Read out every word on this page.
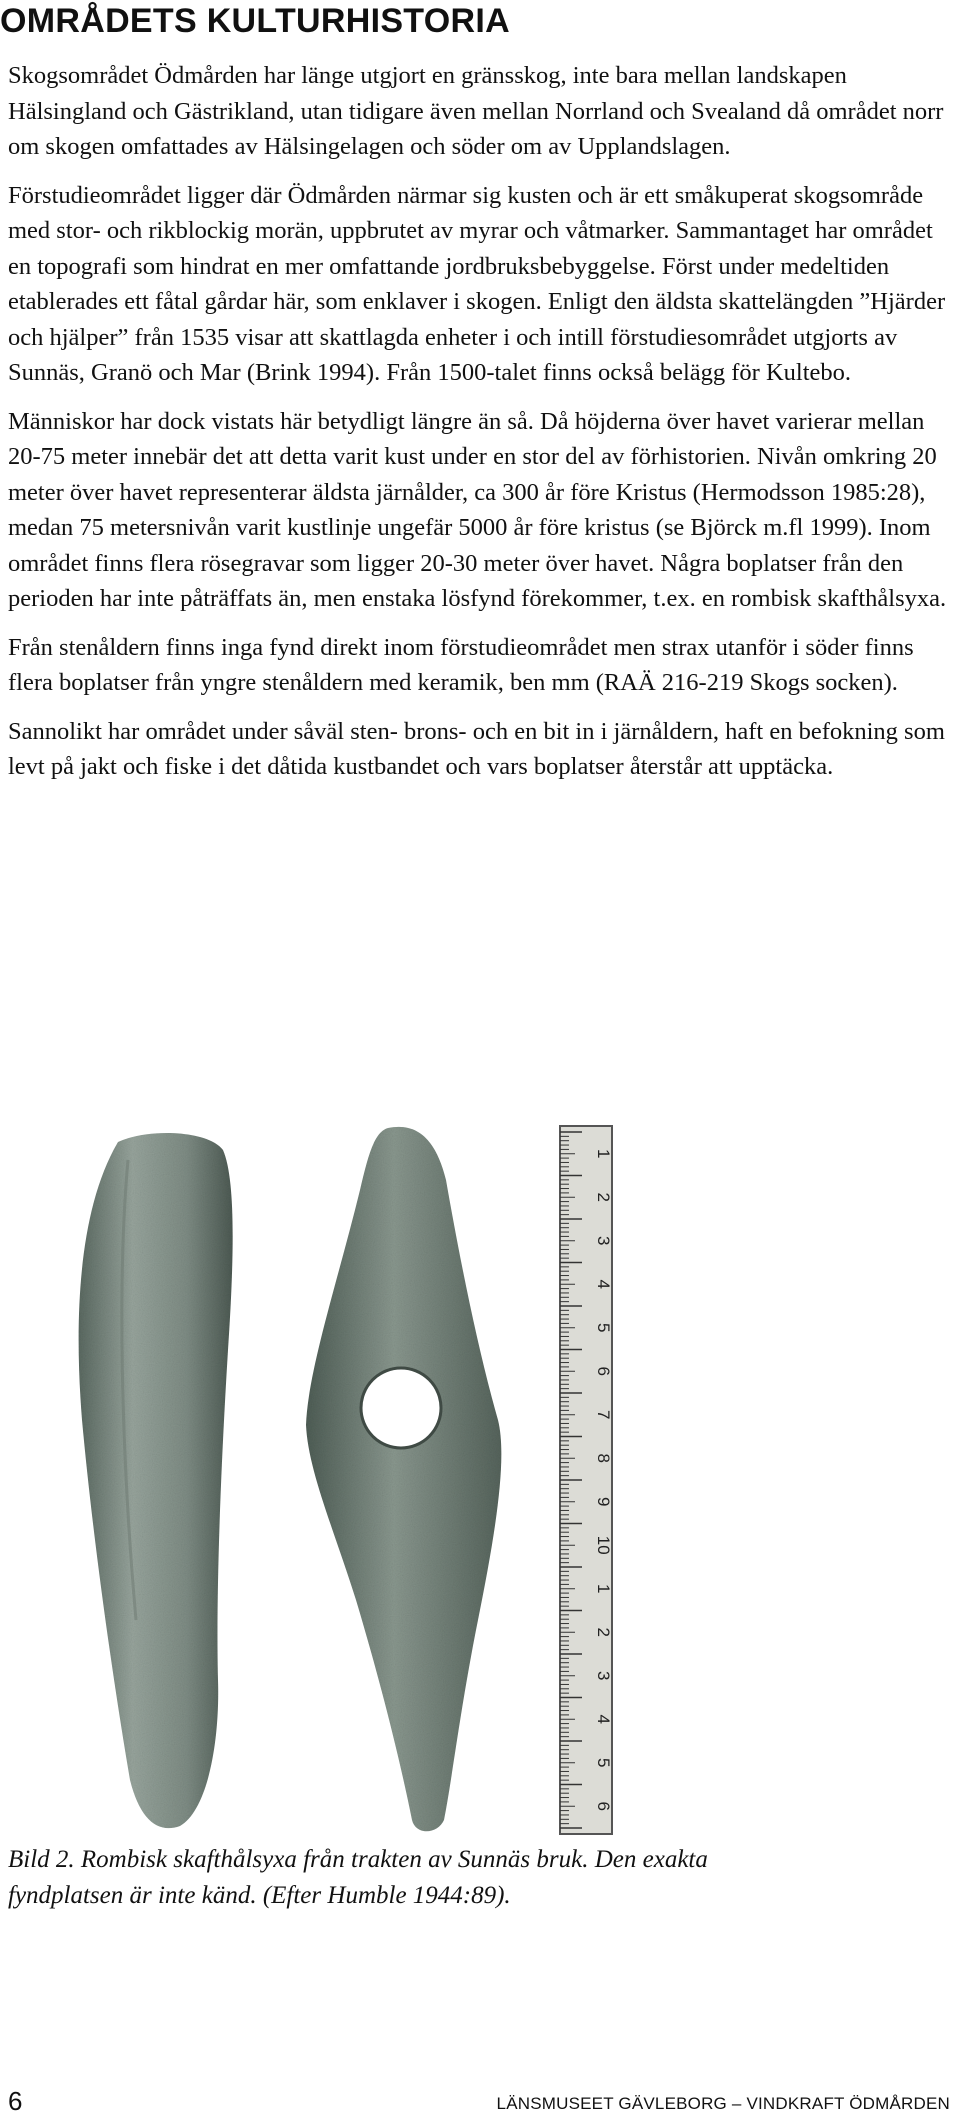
OMRÅDETS KULTURHISTORIA

Skogsområdet Ödmården har länge utgjort en gränsskog, inte bara mellan landskapen Hälsingland och Gästrikland, utan tidigare även mellan Norrland och Svealand då området norr om skogen omfattades av Hälsingelagen och söder om av Upplandslagen.

Förstudieområdet ligger där Ödmården närmar sig kusten och är ett småkuperat skogsområde med stor- och rikblockig morän, uppbrutet av myrar och våtmarker. Sammantaget har området en topografi som hindrat en mer omfattande jordbruksbebyggelse. Först under medeltiden etablerades ett fåtal gårdar här, som enklaver i skogen. Enligt den äldsta skattelängden ”Hjärder och hjälper” från 1535 visar att skattlagda enheter i och intill förstudiesområdet utgjorts av Sunnäs, Granö och Mar (Brink 1994). Från 1500-talet finns också belägg för Kultebo.

Människor har dock vistats här betydligt längre än så. Då höjderna över havet varierar mellan 20-75 meter innebär det att detta varit kust under en stor del av förhistorien. Nivån omkring 20 meter över havet representerar äldsta järnålder, ca 300 år före Kristus (Hermodsson 1985:28), medan 75 metersnivån varit kustlinje ungefär 5000 år före kristus (se Björck m.fl 1999). Inom området finns flera rösegravar som ligger 20-30 meter över havet. Några boplatser från den perioden har inte påträffats än, men enstaka lösfynd förekommer, t.ex. en rombisk skafthålsyxa.

Från stenåldern finns inga fynd direkt inom förstudieområdet men strax utanför i söder finns flera boplatser från yngre stenåldern med keramik, ben mm (RAÄ 216-219 Skogs socken).

Sannolikt har området under såväl sten- brons- och en bit in i järnåldern, haft en befokning som levt på jakt och fiske i det dåtida kustbandet och vars boplatser återstår att upptäcka.

1
2
3
4
5
6
7
8
9
10
1
2
3
4
5
6
Bild 2. Rombisk skafthålsyxa från trakten av Sunnäs bruk. Den exakta
fyndplatsen är inte känd. (Efter Humble 1944:89).
6	LÄNSMUSEET GÄVLEBORG – VINDKRAFT ÖDMÅRDEN
